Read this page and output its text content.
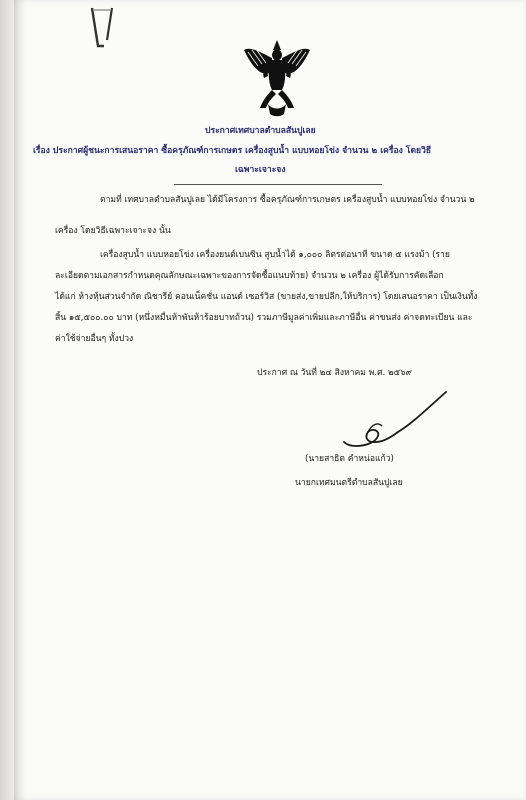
ประกาศเทศบาลตำบลสันปูเลย
เรื่อง ประกาศผู้ชนะการเสนอราคา ซื้อครุภัณฑ์การเกษตร เครื่องสูบน้ำ แบบหอยโข่ง จำนวน ๒ เครื่อง โดยวิธี
เฉพาะเจาะจง
ตามที่ เทศบาลตำบลสันปูเลย ได้มีโครงการ ซื้อครุภัณฑ์การเกษตร เครื่องสูบน้ำ แบบหอยโข่ง จำนวน ๒
เครื่อง โดยวิธีเฉพาะเจาะจง นั้น
เครื่องสูบน้ำ แบบหอยโข่ง เครื่องยนต์เบนซิน สูบน้ำได้ ๑,๐๐๐ ลิตรต่อนาที ขนาด ๕ แรงม้า (ราย
ละเอียดตามเอกสารกำหนดคุณลักษณะเฉพาะของการจัดซื้อแนบท้าย) จำนวน ๒ เครื่อง ผู้ได้รับการคัดเลือก
ได้แก่ ห้างหุ้นส่วนจำกัด ณิชารีย์ คอนเน็คชั่น แอนด์ เซอร์วิส (ขายส่ง,ขายปลีก,ให้บริการ) โดยเสนอราคา เป็นเงินทั้ง
สิ้น ๑๕,๕๐๐.๐๐ บาท (หนึ่งหมื่นห้าพันห้าร้อยบาทถ้วน) รวมภาษีมูลค่าเพิ่มและภาษีอื่น ค่าขนส่ง ค่าจดทะเบียน และ
ค่าใช้จ่ายอื่นๆ ทั้งปวง
ประกาศ ณ วันที่ ๒๔ สิงหาคม พ.ศ. ๒๕๖๙
(นายสาธิต คำหน่อแก้ว)
นายกเทศมนตรีตำบลสันปูเลย
